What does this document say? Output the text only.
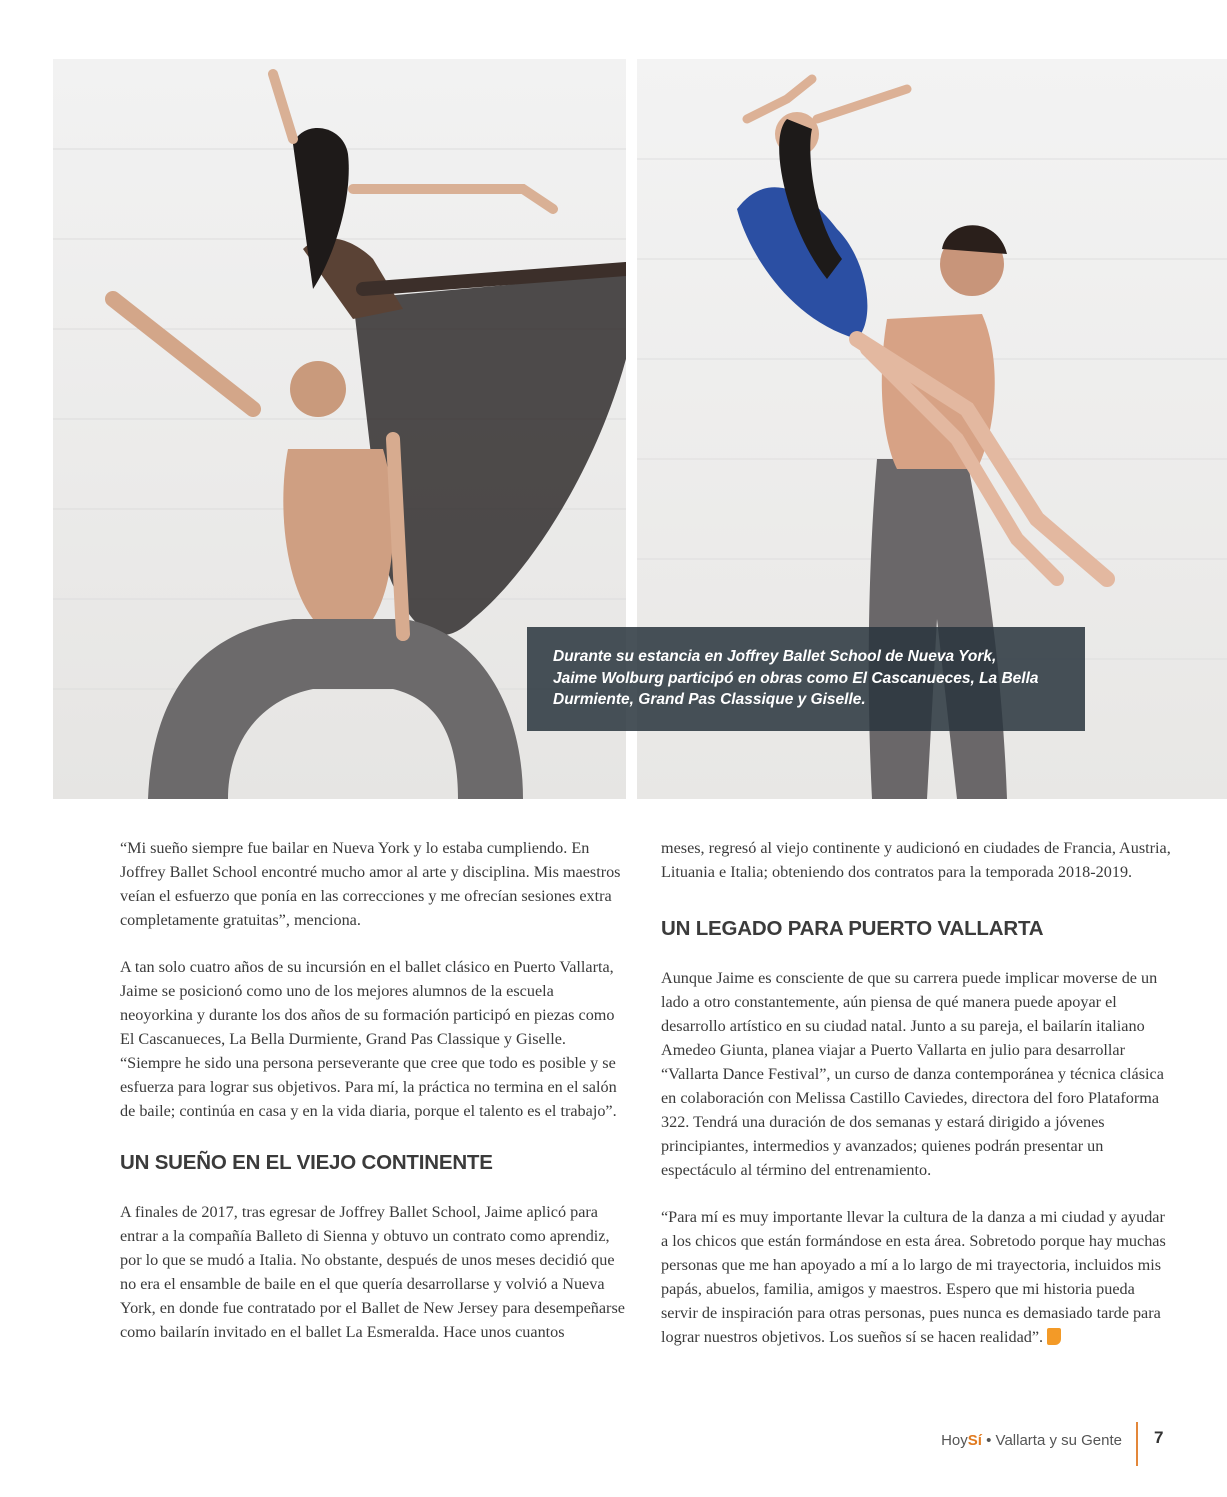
Durante su estancia en Joffrey Ballet School de Nueva York,

Jaime Wolburg participó en obras como El Cascanueces, La Bella

Durmiente, Grand Pas Classique y Giselle.

“Mi sueño siempre fue bailar en Nueva York y lo estaba cumpliendo. En Joffrey Ballet School encontré mucho amor al arte y disciplina. Mis maestros veían el esfuerzo que ponía en las correcciones y me ofrecían sesiones extra completamente gratuitas”, menciona.

A tan solo cuatro años de su incursión en el ballet clásico en Puerto Vallarta, Jaime se posicionó como uno de los mejores alumnos de la escuela neoyorkina y durante los dos años de su formación participó en piezas como El Cascanueces, La Bella Durmiente, Grand Pas Classique y Giselle. “Siempre he sido una persona perseverante que cree que todo es posible y se esfuerza para lograr sus objetivos. Para mí, la práctica no termina en el salón de baile; continúa en casa y en la vida diaria, porque el talento es el trabajo”.

UN SUEÑO EN EL VIEJO CONTINENTE

A finales de 2017, tras egresar de Joffrey Ballet School, Jaime aplicó para entrar a la compañía Balleto di Sienna y obtuvo un contrato como aprendiz, por lo que se mudó a Italia. No obstante, después de unos meses decidió que no era el ensamble de baile en el que quería desarrollarse y volvió a Nueva York, en donde fue contratado por el Ballet de New Jersey para desempeñarse como bailarín invitado en el ballet La Esmeralda. Hace unos cuantos

meses, regresó al viejo continente y audicionó en ciudades de Francia, Austria, Lituania e Italia; obteniendo dos contratos para la temporada 2018-2019.

UN LEGADO PARA PUERTO VALLARTA

Aunque Jaime es consciente de que su carrera puede implicar moverse de un lado a otro constantemente, aún piensa de qué manera puede apoyar el desarrollo artístico en su ciudad natal. Junto a su pareja, el bailarín italiano Amedeo Giunta, planea viajar a Puerto Vallarta en julio para desarrollar “Vallarta Dance Festival”, un curso de danza contemporánea y técnica clásica en colaboración con Melissa Castillo Caviedes, directora del foro Plataforma 322. Tendrá una duración de dos semanas y estará dirigido a jóvenes principiantes, intermedios y avanzados; quienes podrán presentar un espectáculo al término del entrenamiento.

“Para mí es muy importante llevar la cultura de la danza a mi ciudad y ayudar a los chicos que están formándose en esta área. Sobretodo porque hay muchas personas que me han apoyado a mí a lo largo de mi trayectoria, incluidos mis papás, abuelos, familia, amigos y maestros. Espero que mi historia pueda servir de inspiración para otras personas, pues nunca es demasiado tarde para lograr nuestros objetivos. Los sueños sí se hacen realidad”.

HoySí • Vallarta y su Gente 7
